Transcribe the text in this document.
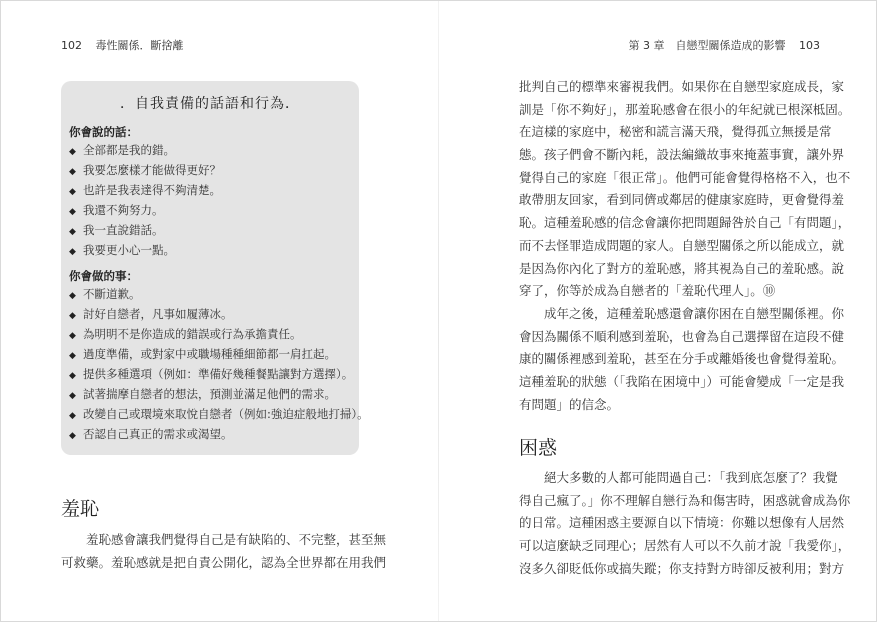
102 毒性關係．斷捨離
．自我責備的話語和行為．
你會說的話：
◆ 全部都是我的錯。
◆ 我要怎麼樣才能做得更好？
◆ 也許是我表達得不夠清楚。
◆ 我還不夠努力。
◆ 我一直說錯話。
◆ 我要更小心一點。
你會做的事：
◆ 不斷道歉。
◆ 討好自戀者，凡事如履薄冰。
◆ 為明明不是你造成的錯誤或行為承擔責任。
◆ 過度準備，或對家中或職場種種細節都一肩扛起。
◆ 提供多種選項（例如：準備好幾種餐點讓對方選擇）。
◆ 試著揣摩自戀者的想法，預測並滿足他們的需求。
◆ 改變自己或環境來取悅自戀者（例如:強迫症般地打掃）。
◆ 否認自己真正的需求或渴望。
羞恥

羞恥感會讓我們覺得自己是有缺陷的、不完整，甚至無
可救藥。羞恥感就是把自責公開化，認為全世界都在用我們

第 3 章　自戀型關係造成的影響 103

批判自己的標準來審視我們。如果你在自戀型家庭成長，家
訓是「你不夠好」，那羞恥感會在很小的年紀就已根深柢固。
在這樣的家庭中，秘密和謊言滿天飛，覺得孤立無援是常
態。孩子們會不斷內耗，設法編織故事來掩蓋事實，讓外界
覺得自己的家庭「很正常」。他們可能會覺得格格不入，也不
敢帶朋友回家，看到同儕或鄰居的健康家庭時，更會覺得羞
恥。這種羞恥感的信念會讓你把問題歸咎於自己「有問題」，
而不去怪罪造成問題的家人。自戀型關係之所以能成立，就
是因為你內化了對方的羞恥感，將其視為自己的羞恥感。說
穿了，你等於成為自戀者的「羞恥代理人」。⑩

成年之後，這種羞恥感還會讓你困在自戀型關係裡。你
會因為關係不順利感到羞恥，也會為自己選擇留在這段不健
康的關係裡感到羞恥，甚至在分手或離婚後也會覺得羞恥。
這種羞恥的狀態（「我陷在困境中」）可能會變成「一定是我
有問題」的信念。

困惑

絕大多數的人都可能問過自己：「我到底怎麼了？我覺
得自己瘋了。」你不理解自戀行為和傷害時，困惑就會成為你
的日常。這種困惑主要源自以下情境：你難以想像有人居然
可以這麼缺乏同理心；居然有人可以不久前才說「我愛你」，
沒多久卻貶低你或搞失蹤；你支持對方時卻反被利用；對方
